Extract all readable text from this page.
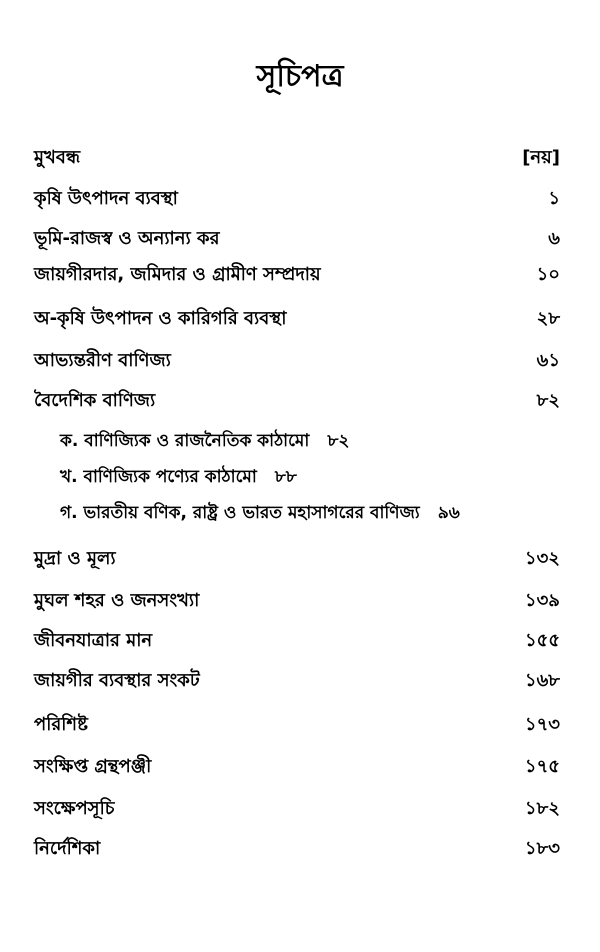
সূচিপত্র
মুখবন্ধ	[নয়]
কৃষি উৎপাদন ব্যবস্থা	১
ভূমি-রাজস্ব ও অন্যান্য কর	৬
জায়গীরদার, জমিদার ও গ্রামীণ সম্প্রদায়	১০
অ-কৃষি উৎপাদন ও কারিগরি ব্যবস্থা	২৮
আভ্যন্তরীণ বাণিজ্য	৬১
বৈদেশিক বাণিজ্য	৮২
ক. বাণিজ্যিক ও রাজনৈতিক কাঠামো ৮২
খ. বাণিজ্যিক পণ্যের কাঠামো ৮৮
গ. ভারতীয় বণিক, রাষ্ট্র ও ভারত মহাসাগরের বাণিজ্য ৯৬
মুদ্রা ও মূল্য	১৩২
মুঘল শহর ও জনসংখ্যা	১৩৯
জীবনযাত্রার মান	১৫৫
জায়গীর ব্যবস্থার সংকট	১৬৮
পরিশিষ্ট	১৭৩
সংক্ষিপ্ত গ্রন্থপঞ্জী	১৭৫
সংক্ষেপসূচি	১৮২
নির্দেশিকা	১৮৩
